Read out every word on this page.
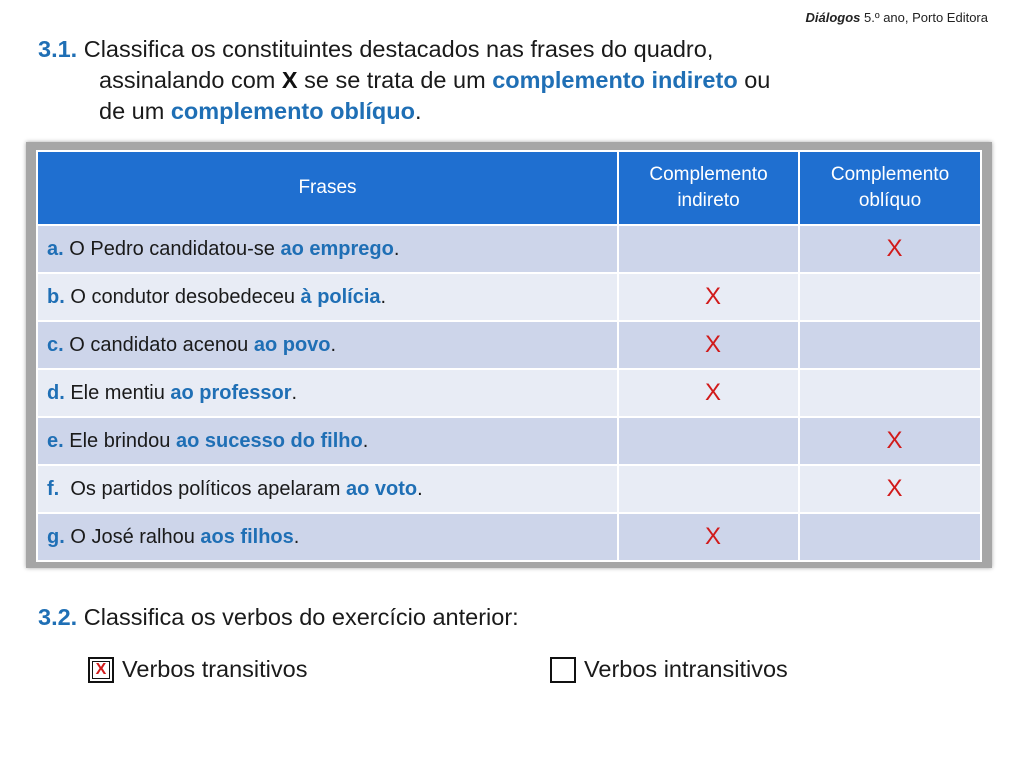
Diálogos 5.º ano, Porto Editora
3.1. Classifica os constituintes destacados nas frases do quadro,
assinalando com X se se trata de um complemento indireto ou
de um complemento oblíquo.
Frases	Complemento indireto	Complemento oblíquo
a. O Pedro candidatou-se ao emprego.		X
b. O condutor desobedeceu à polícia.	X	
c. O candidato acenou ao povo.	X	
d. Ele mentiu ao professor.	X	
e. Ele brindou ao sucesso do filho.		X
f.  Os partidos políticos apelaram ao voto.		X
g. O José ralhou aos filhos.	X	
3.2. Classifica os verbos do exercício anterior:
X Verbos transitivos	Verbos intransitivos
